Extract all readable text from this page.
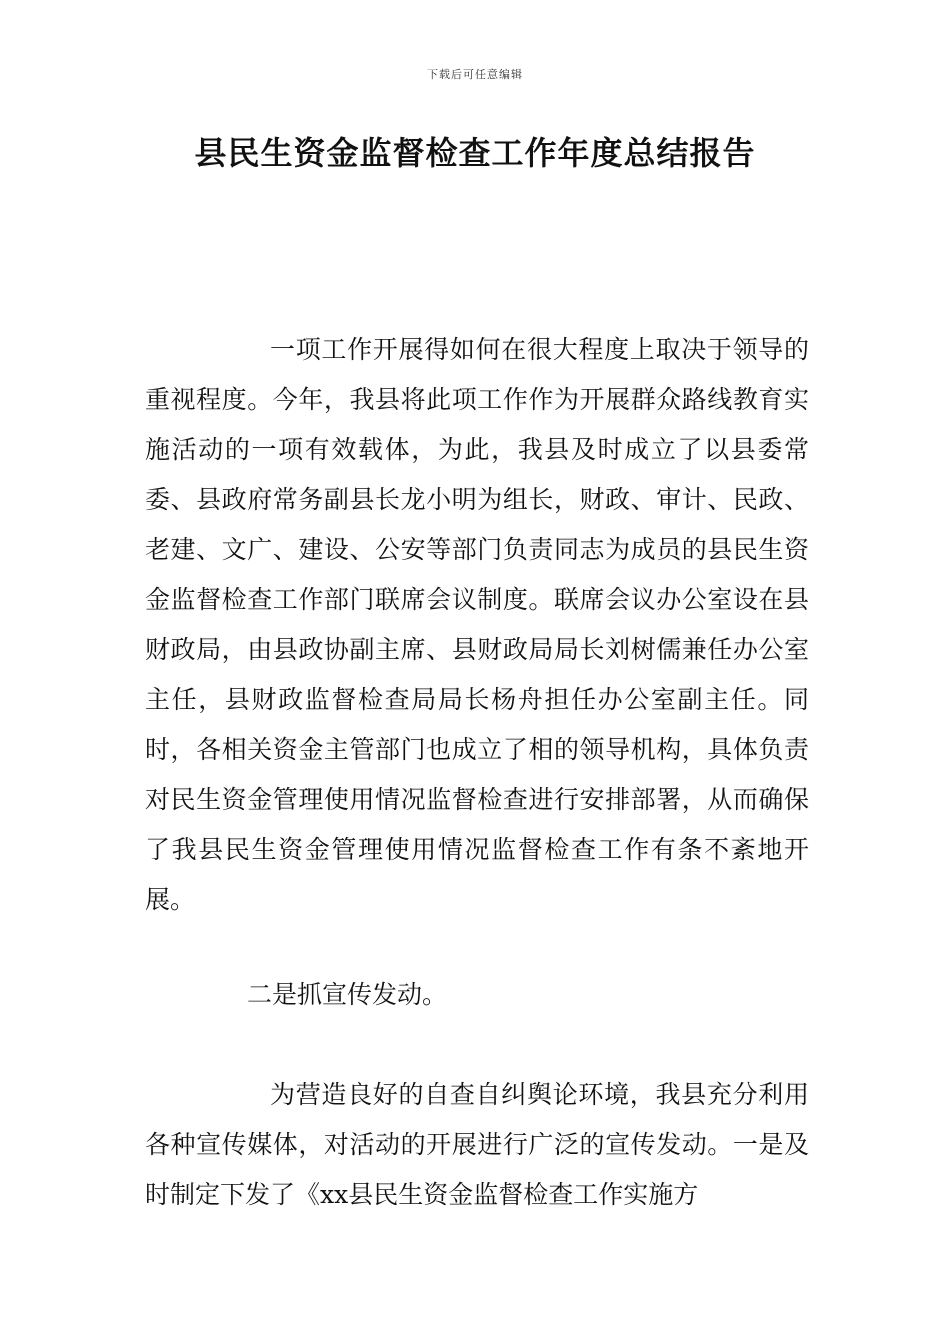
下载后可任意编辑
县民生资金监督检查工作年度总结报告

一项工作开展得如何在很大程度上取决于领导的重视程度。今年，我县将此项工作作为开展群众路线教育实施活动的一项有效载体，为此，我县及时成立了以县委常委、县政府常务副县长龙小明为组长，财政、审计、民政、老建、文广、建设、公安等部门负责同志为成员的县民生资金监督检查工作部门联席会议制度。联席会议办公室设在县财政局，由县政协副主席、县财政局局长刘树儒兼任办公室主任，县财政监督检查局局长杨舟担任办公室副主任。同时，各相关资金主管部门也成立了相的领导机构，具体负责对民生资金管理使用情况监督检查进行安排部署，从而确保了我县民生资金管理使用情况监督检查工作有条不紊地开展。

二是抓宣传发动。

为营造良好的自查自纠舆论环境，我县充分利用各种宣传媒体，对活动的开展进行广泛的宣传发动。一是及时制定下发了《xx县民生资金监督检查工作实施方
